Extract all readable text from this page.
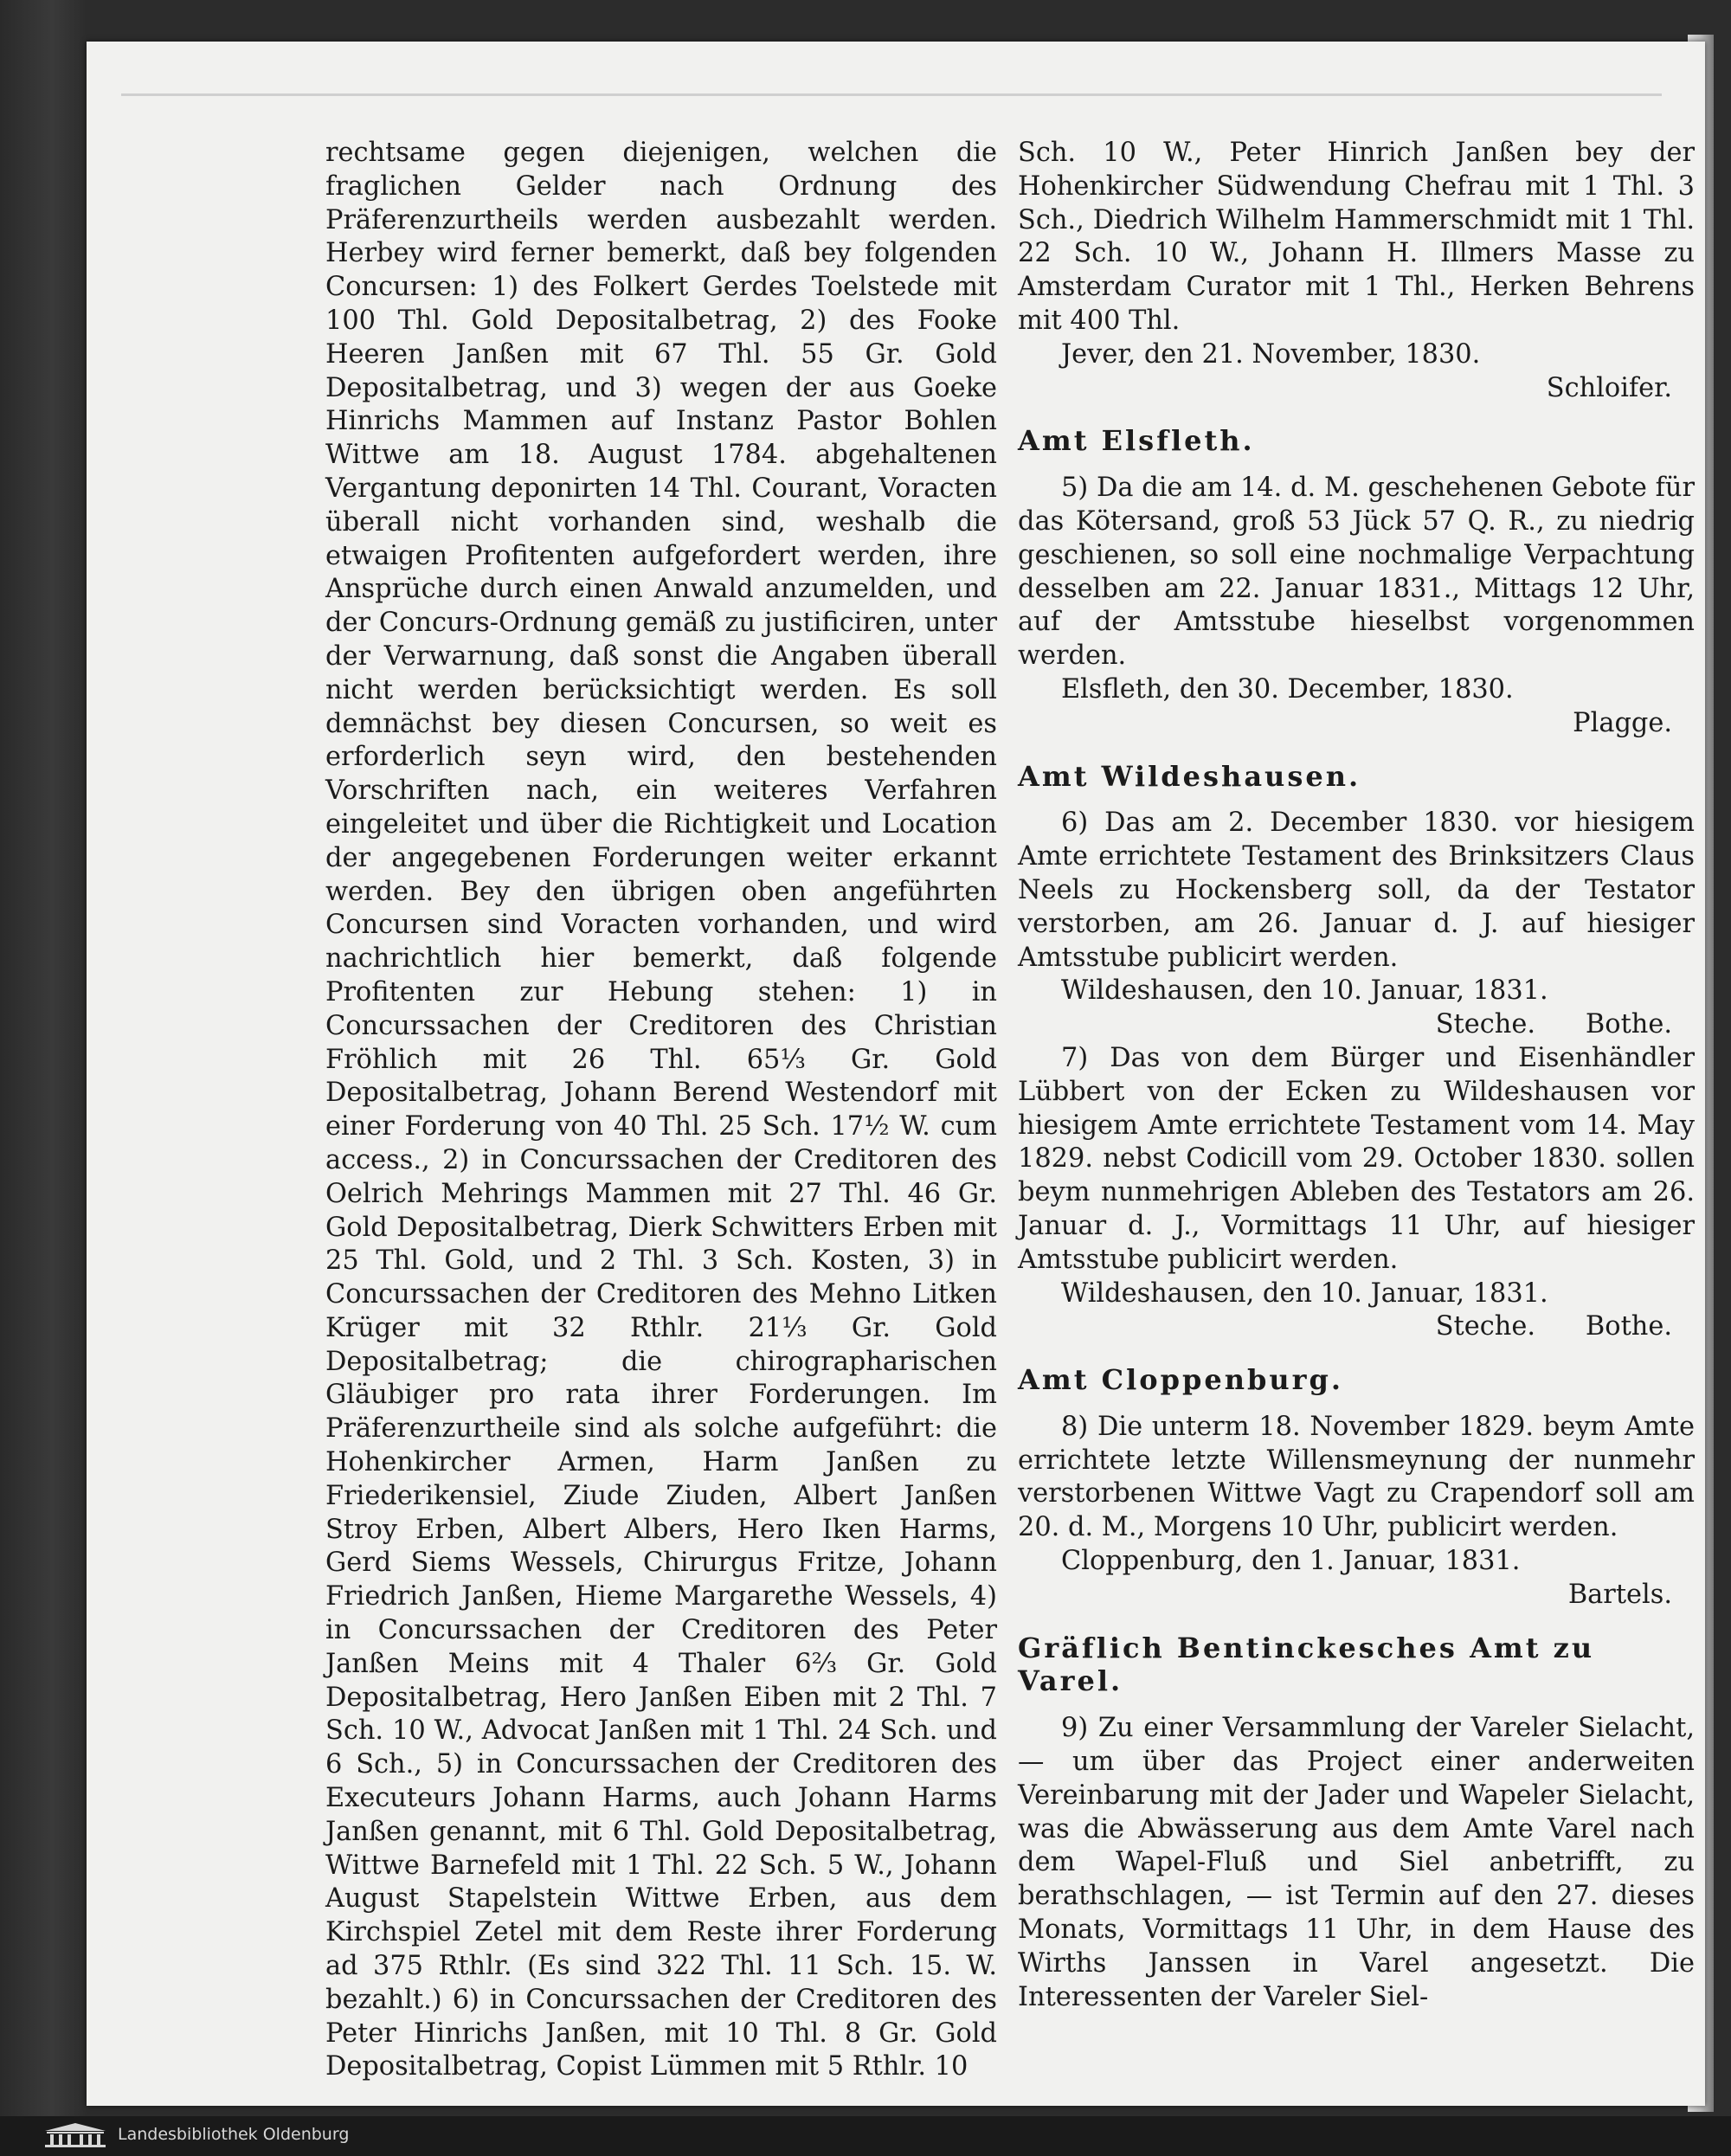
rechtsame gegen diejenigen, welchen die fraglichen Gelder nach Ordnung des Präferenzurtheils werden ausbezahlt werden. Herbey wird ferner bemerkt, daß bey folgenden Concursen: 1) des Folkert Gerdes Toelstede mit 100 Thl. Gold Depositalbetrag, 2) des Fooke Heeren Janßen mit 67 Thl. 55 Gr. Gold Depositalbetrag, und 3) wegen der aus Goeke Hinrichs Mammen auf Instanz Pastor Bohlen Wittwe am 18. August 1784. abgehaltenen Vergantung deponirten 14 Thl. Courant, Voracten überall nicht vorhanden sind, weshalb die etwaigen Profitenten aufgefordert werden, ihre Ansprüche durch einen Anwald anzumelden, und der Concurs-Ordnung gemäß zu justificiren, unter der Verwarnung, daß sonst die Angaben überall nicht werden berücksichtigt werden. Es soll demnächst bey diesen Concursen, so weit es erforderlich seyn wird, den bestehenden Vorschriften nach, ein weiteres Verfahren eingeleitet und über die Richtigkeit und Location der angegebenen Forderungen weiter erkannt werden. Bey den übrigen oben angeführten Concursen sind Voracten vorhanden, und wird nachrichtlich hier bemerkt, daß folgende Profitenten zur Hebung stehen: 1) in Concurssachen der Creditoren des Christian Fröhlich mit 26 Thl. 65⅓ Gr. Gold Depositalbetrag, Johann Berend Westendorf mit einer Forderung von 40 Thl. 25 Sch. 17½ W. cum access., 2) in Concurssachen der Creditoren des Oelrich Mehrings Mammen mit 27 Thl. 46 Gr. Gold Depositalbetrag, Dierk Schwitters Erben mit 25 Thl. Gold, und 2 Thl. 3 Sch. Kosten, 3) in Concurssachen der Creditoren des Mehno Litken Krüger mit 32 Rthlr. 21⅓ Gr. Gold Depositalbetrag; die chirographarischen Gläubiger pro rata ihrer Forderungen. Im Präferenzurtheile sind als solche aufgeführt: die Hohenkircher Armen, Harm Janßen zu Friederikensiel, Ziude Ziuden, Albert Janßen Stroy Erben, Albert Albers, Hero Iken Harms, Gerd Siems Wessels, Chirurgus Fritze, Johann Friedrich Janßen, Hieme Margarethe Wessels, 4) in Concurssachen der Creditoren des Peter Janßen Meins mit 4 Thaler 6⅔ Gr. Gold Depositalbetrag, Hero Janßen Eiben mit 2 Thl. 7 Sch. 10 W., Advocat Janßen mit 1 Thl. 24 Sch. und 6 Sch., 5) in Concurssachen der Creditoren des Executeurs Johann Harms, auch Johann Harms Janßen genannt, mit 6 Thl. Gold Depositalbetrag, Wittwe Barnefeld mit 1 Thl. 22 Sch. 5 W., Johann August Stapelstein Wittwe Erben, aus dem Kirchspiel Zetel mit dem Reste ihrer Forderung ad 375 Rthlr. (Es sind 322 Thl. 11 Sch. 15. W. bezahlt.) 6) in Concurssachen der Creditoren des Peter Hinrichs Janßen, mit 10 Thl. 8 Gr. Gold Depositalbetrag, Copist Lümmen mit 5 Rthlr. 10

Sch. 10 W., Peter Hinrich Janßen bey der Hohenkircher Südwendung Chefrau mit 1 Thl. 3 Sch., Diedrich Wilhelm Hammerschmidt mit 1 Thl. 22 Sch. 10 W., Johann H. Illmers Masse zu Amsterdam Curator mit 1 Thl., Herken Behrens mit 400 Thl.

Jever, den 21. November, 1830.

Schloifer.

Amt Elsfleth.

5) Da die am 14. d. M. geschehenen Gebote für das Kötersand, groß 53 Jück 57 Q. R., zu niedrig geschienen, so soll eine nochmalige Verpachtung desselben am 22. Januar 1831., Mittags 12 Uhr, auf der Amtsstube hieselbst vorgenommen werden.

Elsfleth, den 30. December, 1830.

Plagge.

Amt Wildeshausen.

6) Das am 2. December 1830. vor hiesigem Amte errichtete Testament des Brinksitzers Claus Neels zu Hockensberg soll, da der Testator verstorben, am 26. Januar d. J. auf hiesiger Amtsstube publicirt werden.

Wildeshausen, den 10. Januar, 1831.

Steche.      Bothe.

7) Das von dem Bürger und Eisenhändler Lübbert von der Ecken zu Wildeshausen vor hiesigem Amte errichtete Testament vom 14. May 1829. nebst Codicill vom 29. October 1830. sollen beym nunmehrigen Ableben des Testators am 26. Januar d. J., Vormittags 11 Uhr, auf hiesiger Amtsstube publicirt werden.

Wildeshausen, den 10. Januar, 1831.

Steche.      Bothe.

Amt Cloppenburg.

8) Die unterm 18. November 1829. beym Amte errichtete letzte Willensmeynung der nunmehr verstorbenen Wittwe Vagt zu Crapendorf soll am 20. d. M., Morgens 10 Uhr, publicirt werden.

Cloppenburg, den 1. Januar, 1831.

Bartels.

Gräflich Bentinckesches Amt zu Varel.

9) Zu einer Versammlung der Vareler Sielacht, — um über das Project einer anderweiten Vereinbarung mit der Jader und Wapeler Sielacht, was die Abwässerung aus dem Amte Varel nach dem Wapel-Fluß und Siel anbetrifft, zu berathschlagen, — ist Termin auf den 27. dieses Monats, Vormittags 11 Uhr, in dem Hause des Wirths Janssen in Varel angesetzt. Die Interessenten der Vareler Siel-

Landesbibliothek Oldenburg
